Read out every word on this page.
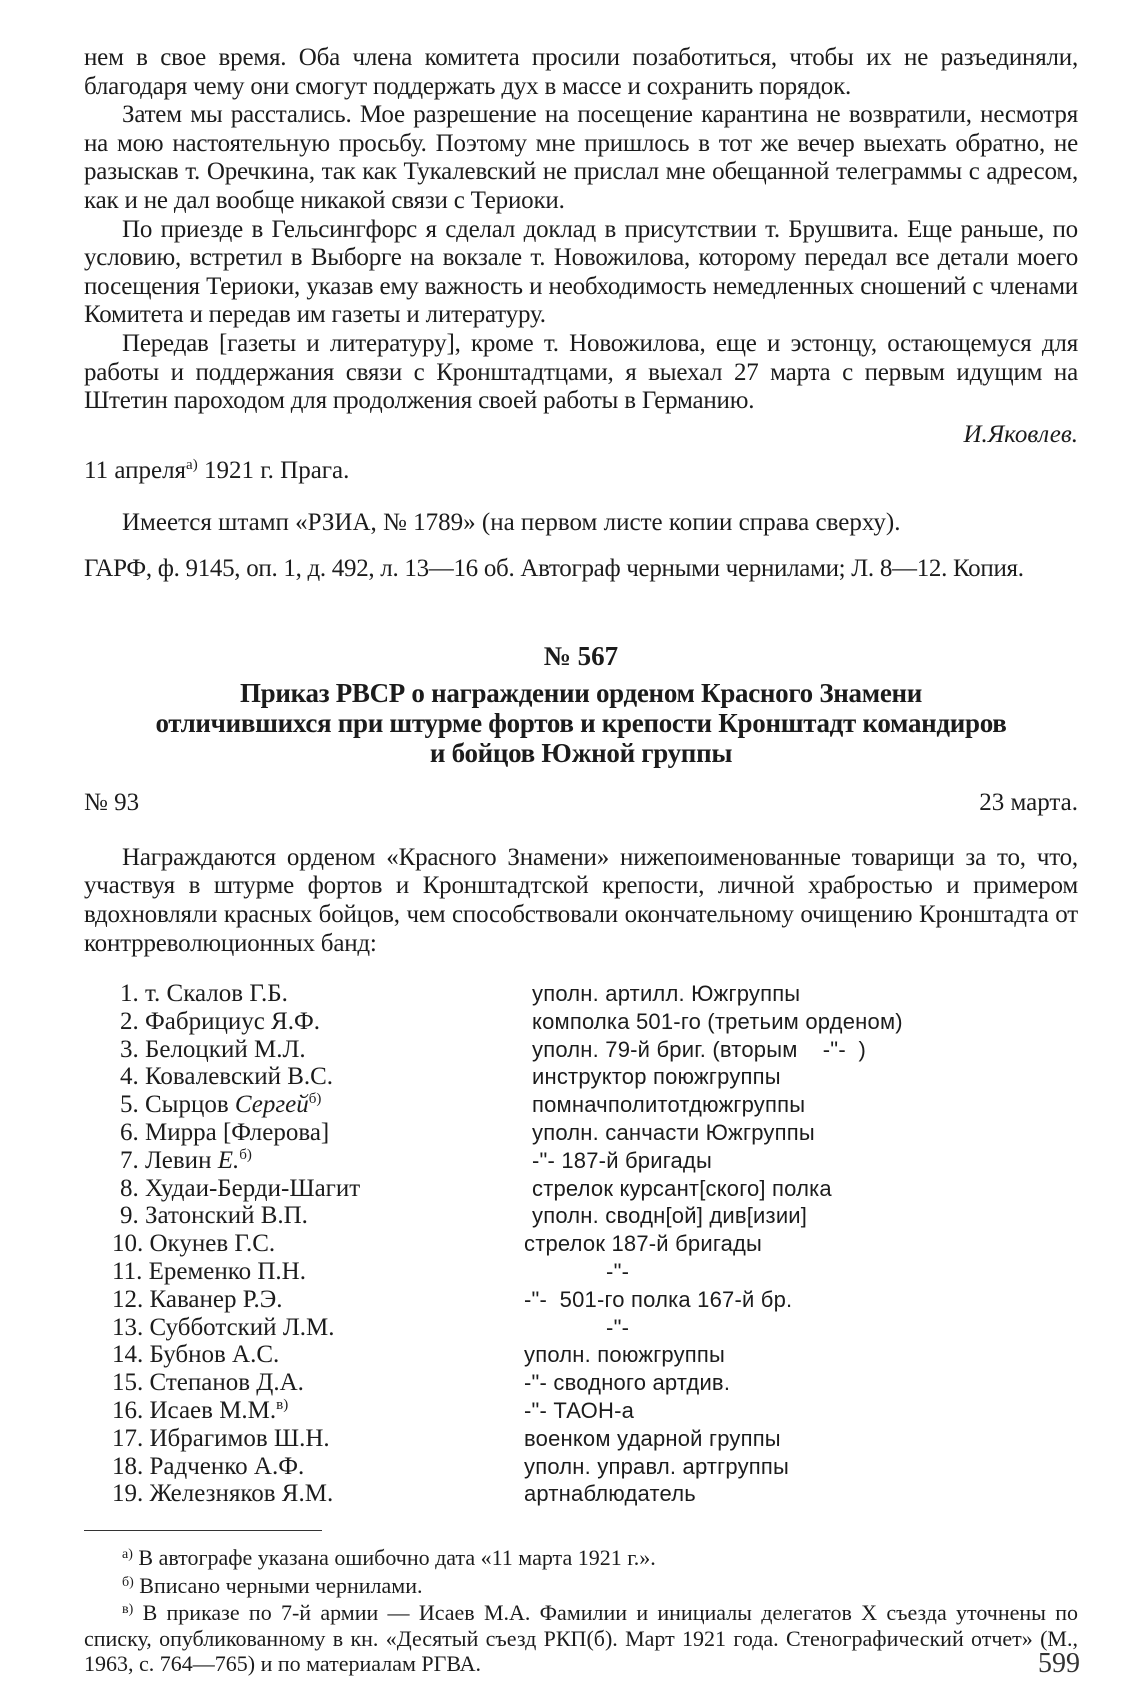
нем в свое время. Оба члена комитета просили позаботиться, чтобы их не разъединяли, благодаря чему они смогут поддержать дух в массе и сохранить порядок.

Затем мы расстались. Мое разрешение на посещение карантина не возвратили, несмотря на мою настоятельную просьбу. Поэтому мне пришлось в тот же вечер выехать обратно, не разыскав т. Оречкина, так как Тукалевский не прислал мне обещанной телеграммы с адресом, как и не дал вообще никакой связи с Териоки.

По приезде в Гельсингфорс я сделал доклад в присутствии т. Брушвита. Еще раньше, по условию, встретил в Выборге на вокзале т. Новожилова, которому передал все детали моего посещения Териоки, указав ему важность и необходимость немедленных сношений с членами Комитета и передав им газеты и литературу.

Передав [газеты и литературу], кроме т. Новожилова, еще и эстонцу, остающемуся для работы и поддержания связи с Кронштадтцами, я выехал 27 марта с первым идущим на Штетин пароходом для продолжения своей работы в Германию.

И.Яковлев.
11 апреля$^{а)}$ 1921 г. Прага.
Имеется штамп «РЗИА, № 1789» (на первом листе копии справа сверху).
ГАРФ, ф. 9145, оп. 1, д. 492, л. 13—16 об. Автограф черными чернилами; Л. 8—12. Копия.
№ 567
Приказ РВСР о награждении орденом Красного Знамени
отличившихся при штурме фортов и крепости Кронштадт командиров
и бойцов Южной группы
№ 93	23 марта.

Награждаются орденом «Красного Знамени» нижепоименованные товарищи за то, что, участвуя в штурме фортов и Кронштадтской крепости, личной храбростью и примером вдохновляли красных бойцов, чем способствовали окончательному очищению Кронштадта от контрреволюционных банд:

1. т. Скалов Г.Б.	уполн. артилл. Южгруппы
2. Фабрициус Я.Ф.	комполка 501-го (третьим орденом)
3. Белоцкий М.Л.	уполн. 79-й бриг. (вторым    -"-  )
4. Ковалевский В.С.	инструктор поюжгруппы
5. Сырцов Сергей$^{б)}$	помначполитотдюжгруппы
6. Мирра [Флерова]	уполн. санчасти Южгруппы
7. Левин Е.$^{б)}$	-"- 187-й бригады
8. Худаи-Берди-Шагит	стрелок курсант[ского] полка
9. Затонский В.П.	уполн. сводн[ой] див[изии]
10. Окунев Г.С.	стрелок 187-й бригады
11. Еременко П.Н.	-"-
12. Каванер Р.Э.	-"-  501-го полка 167-й бр.
13. Субботский Л.М.	-"-
14. Бубнов А.С.	уполн. поюжгруппы
15. Степанов Д.А.	-"- сводного артдив.
16. Исаев М.М.$^{в)}$	-"- ТАОН-а
17. Ибрагимов Ш.Н.	военком ударной группы
18. Радченко А.Ф.	уполн. управл. артгруппы
19. Железняков Я.М.	артнаблюдатель

$^{а)}$ В автографе указана ошибочно дата «11 марта 1921 г.».

$^{б)}$ Вписано черными чернилами.

$^{в)}$ В приказе по 7-й армии — Исаев М.А. Фамилии и инициалы делегатов X съезда уточнены по списку, опубликованному в кн. «Десятый съезд РКП(б). Март 1921 года. Стенографический отчет» (М., 1963, с. 764—765) и по материалам РГВА.	599
